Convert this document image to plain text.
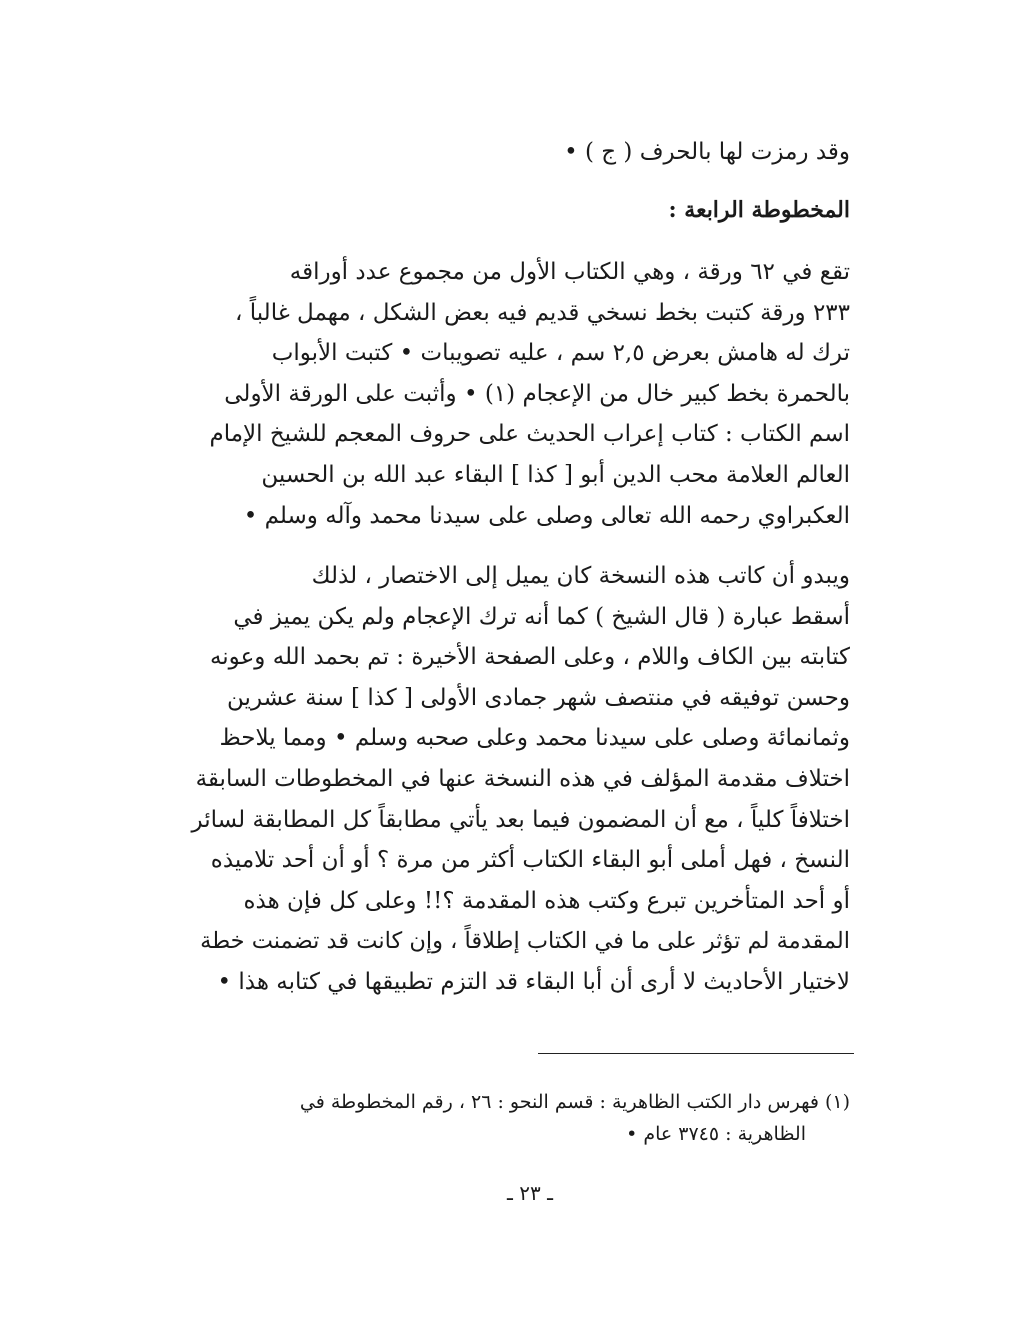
وقد رمزت لها بالحرف ( ج ) •
المخطوطة الرابعة :
تقع في ٦٢ ورقة ، وهي الكتاب الأول من مجموع عدد أوراقه
٢٣٣ ورقة كتبت بخط نسخي قديم فيه بعض الشكل ، مهمل غالباً ،
ترك له هامش بعرض ٢,٥ سم ، عليه تصويبات • كتبت الأبواب
بالحمرة بخط كبير خال من الإعجام (١) • وأثبت على الورقة الأولى
اسم الكتاب : كتاب إعراب الحديث على حروف المعجم للشيخ الإمام
العالم العلامة محب الدين أبو [ كذا ] البقاء عبد الله بن الحسين
العكبراوي رحمه الله تعالى وصلى على سيدنا محمد وآله وسلم •
ويبدو أن كاتب هذه النسخة كان يميل إلى الاختصار ، لذلك
أسقط عبارة ( قال الشيخ ) كما أنه ترك الإعجام ولم يكن يميز في
كتابته بين الكاف واللام ، وعلى الصفحة الأخيرة : تم بحمد الله وعونه
وحسن توفيقه في منتصف شهر جمادى الأولى [ كذا ] سنة عشرين
وثمانمائة وصلى على سيدنا محمد وعلى صحبه وسلم • ومما يلاحظ
اختلاف مقدمة المؤلف في هذه النسخة عنها في المخطوطات السابقة
اختلافاً كلياً ، مع أن المضمون فيما بعد يأتي مطابقاً كل المطابقة لسائر
النسخ ، فهل أملى أبو البقاء الكتاب أكثر من مرة ؟ أو أن أحد تلاميذه
أو أحد المتأخرين تبرع وكتب هذه المقدمة ؟!! وعلى كل فإن هذه
المقدمة لم تؤثر على ما في الكتاب إطلاقاً ، وإن كانت قد تضمنت خطة
لاختيار الأحاديث لا أرى أن أبا البقاء قد التزم تطبيقها في كتابه هذا •
(١) فهرس دار الكتب الظاهرية : قسم النحو : ٢٦ ، رقم المخطوطة في
الظاهرية : ٣٧٤٥ عام •
ـ ٢٣ ـ
